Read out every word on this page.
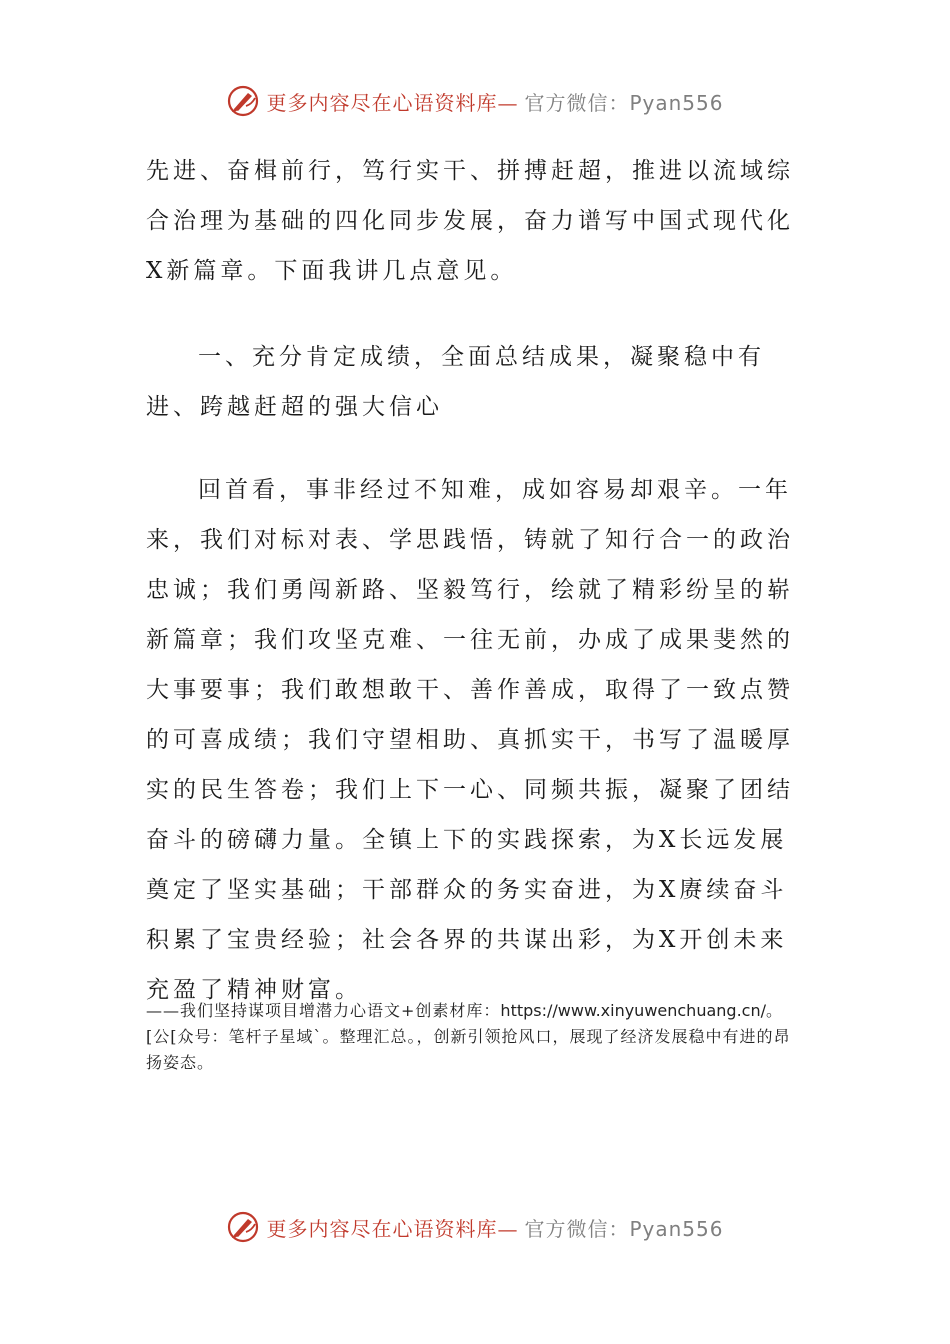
更多内容尽在心语资料库— 官方微信：Pyan556

先进、奋楫前行，笃行实干、拼搏赶超，推进以流域综合治理为基础的四化同步发展，奋力谱写中国式现代化X新篇章。下面我讲几点意见。

一、充分肯定成绩，全面总结成果，凝聚稳中有进、跨越赶超的强大信心

回首看，事非经过不知难，成如容易却艰辛。一年来，我们对标对表、学思践悟，铸就了知行合一的政治忠诚；我们勇闯新路、坚毅笃行，绘就了精彩纷呈的崭新篇章；我们攻坚克难、一往无前，办成了成果斐然的大事要事；我们敢想敢干、善作善成，取得了一致点赞的可喜成绩；我们守望相助、真抓实干，书写了温暖厚实的民生答卷；我们上下一心、同频共振，凝聚了团结奋斗的磅礴力量。全镇上下的实践探索，为X长远发展奠定了坚实基础；干部群众的务实奋进，为X赓续奋斗积累了宝贵经验；社会各界的共谋出彩，为X开创未来充盈了精神财富。

——我们坚持谋项目增潜力心语文+创素材库：https://www.xinyuwenchuang.cn/。[公[众号：笔杆子星域`。整理汇总。，创新引领抢风口，展现了经济发展稳中有进的昂扬姿态。
更多内容尽在心语资料库— 官方微信：Pyan556
